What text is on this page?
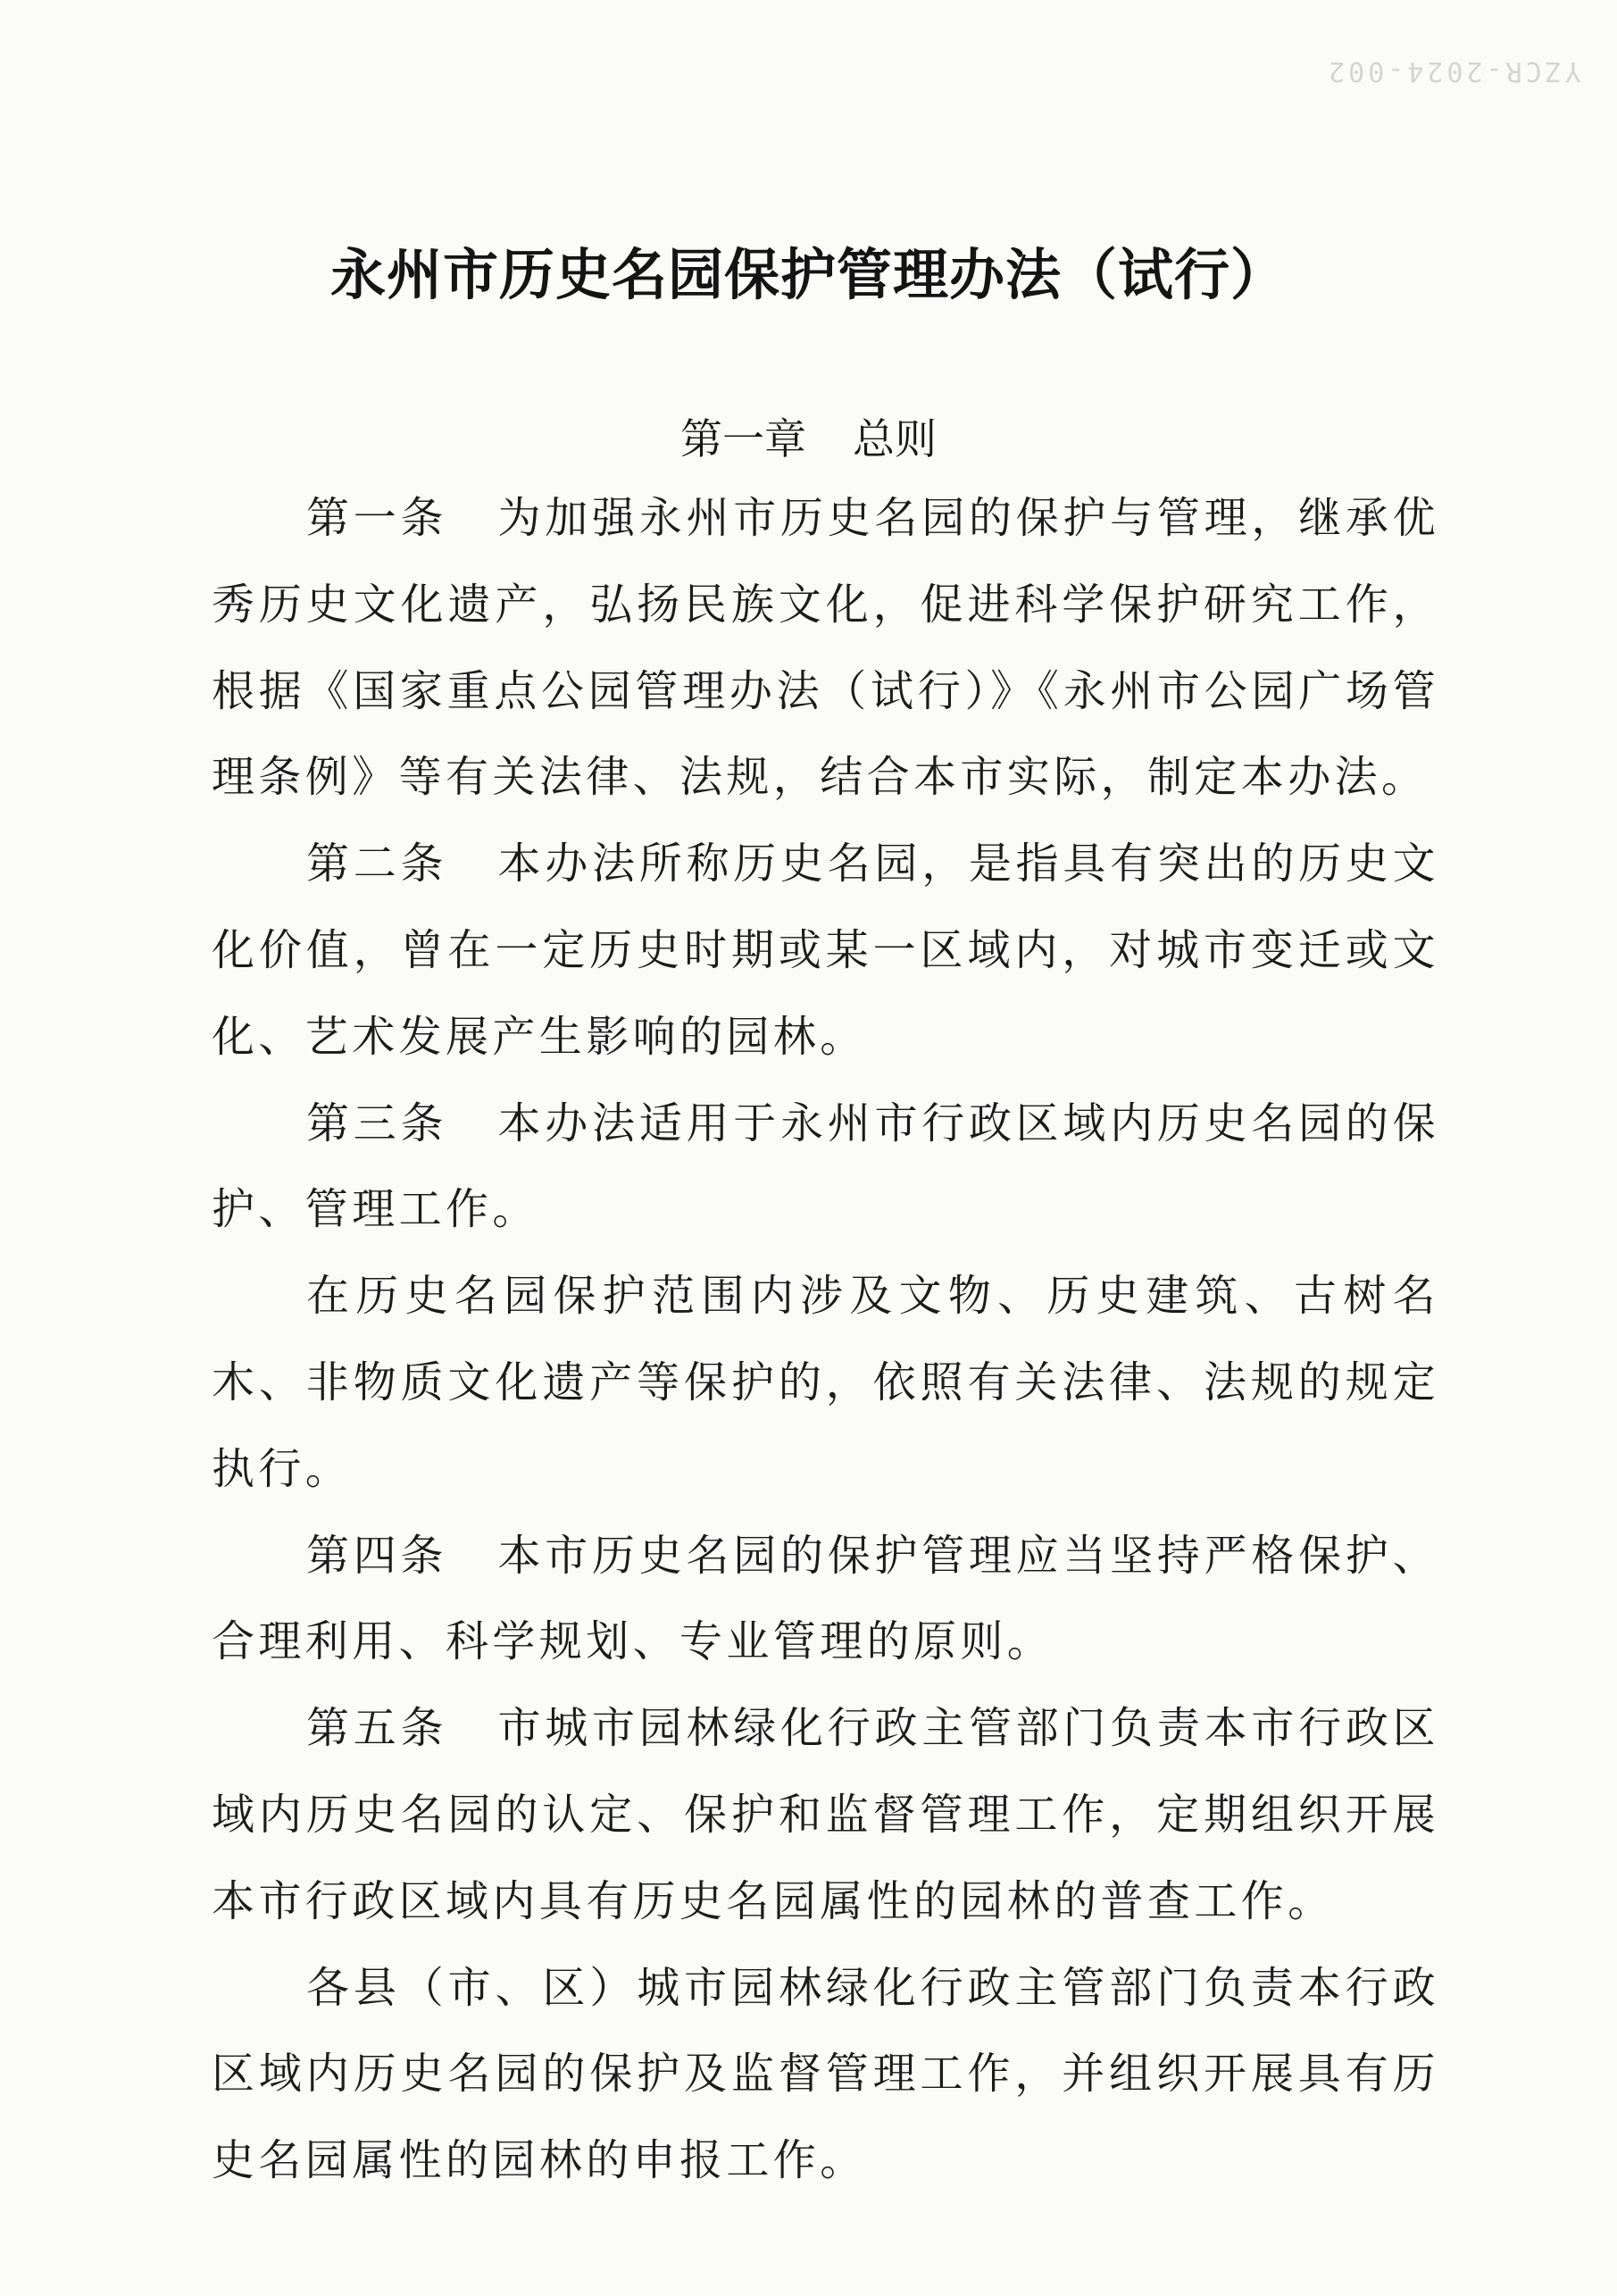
YZCR-2024-002
永州市历史名园保护管理办法（试行）
第一章 总则

第一条 为加强永州市历史名园的保护与管理，继承优秀历史文化遗产，弘扬民族文化，促进科学保护研究工作，根据《国家重点公园管理办法（试行）》《永州市公园广场管理条例》等有关法律、法规，结合本市实际，制定本办法。

第二条 本办法所称历史名园，是指具有突出的历史文化价值，曾在一定历史时期或某一区域内，对城市变迁或文化、艺术发展产生影响的园林。

第三条 本办法适用于永州市行政区域内历史名园的保护、管理工作。

在历史名园保护范围内涉及文物、历史建筑、古树名木、非物质文化遗产等保护的，依照有关法律、法规的规定执行。

第四条 本市历史名园的保护管理应当坚持严格保护、合理利用、科学规划、专业管理的原则。

第五条 市城市园林绿化行政主管部门负责本市行政区域内历史名园的认定、保护和监督管理工作，定期组织开展本市行政区域内具有历史名园属性的园林的普查工作。

各县（市、区）城市园林绿化行政主管部门负责本行政区域内历史名园的保护及监督管理工作，并组织开展具有历史名园属性的园林的申报工作。
